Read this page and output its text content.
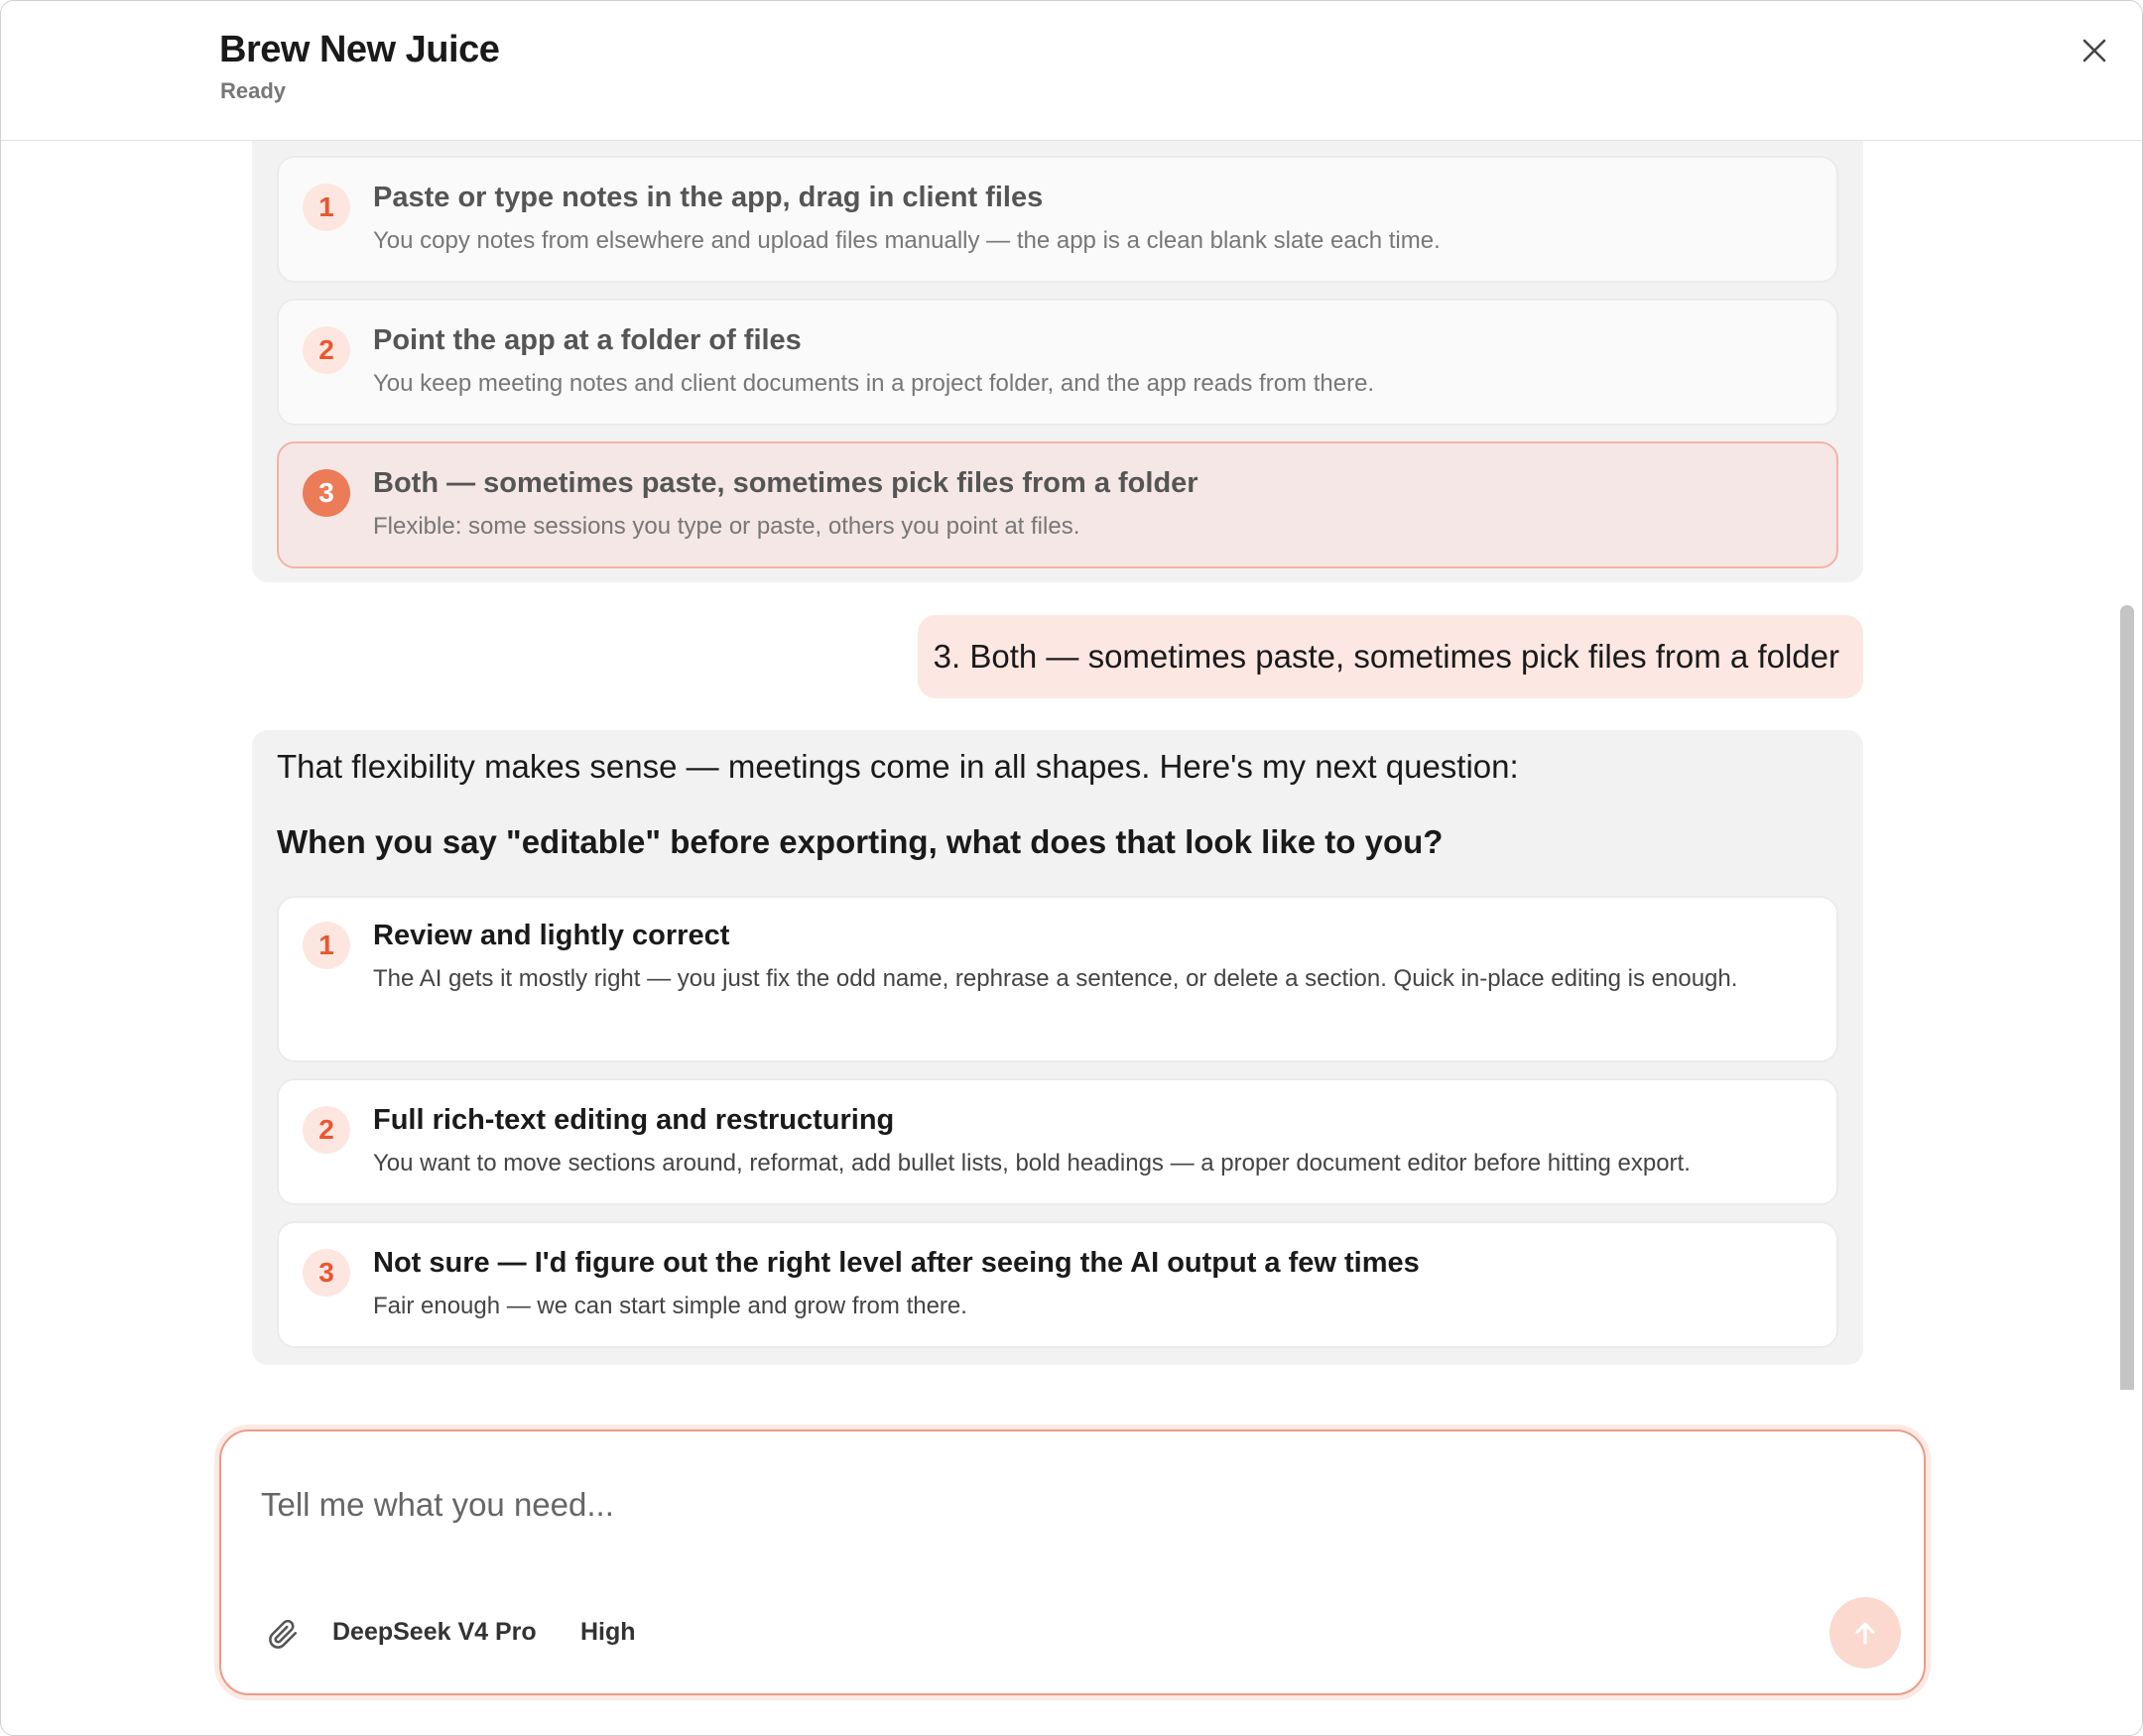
Brew New Juice
Ready
1	Paste or type notes in the app, drag in client files
You copy notes from elsewhere and upload files manually — the app is a clean blank slate each time.
2	Point the app at a folder of files
You keep meeting notes and client documents in a project folder, and the app reads from there.
3	Both — sometimes paste, sometimes pick files from a folder
Flexible: some sessions you type or paste, others you point at files.
3. Both — sometimes paste, sometimes pick files from a folder
That flexibility makes sense — meetings come in all shapes. Here's my next question:
When you say "editable" before exporting, what does that look like to you?
1	Review and lightly correct
The AI gets it mostly right — you just fix the odd name, rephrase a sentence, or delete a section. Quick in-place editing is enough.
2	Full rich-text editing and restructuring
You want to move sections around, reformat, add bullet lists, bold headings — a proper document editor before hitting export.
3	Not sure — I'd figure out the right level after seeing the AI output a few times
Fair enough — we can start simple and grow from there.
Tell me what you need...
DeepSeek V4 Pro High
